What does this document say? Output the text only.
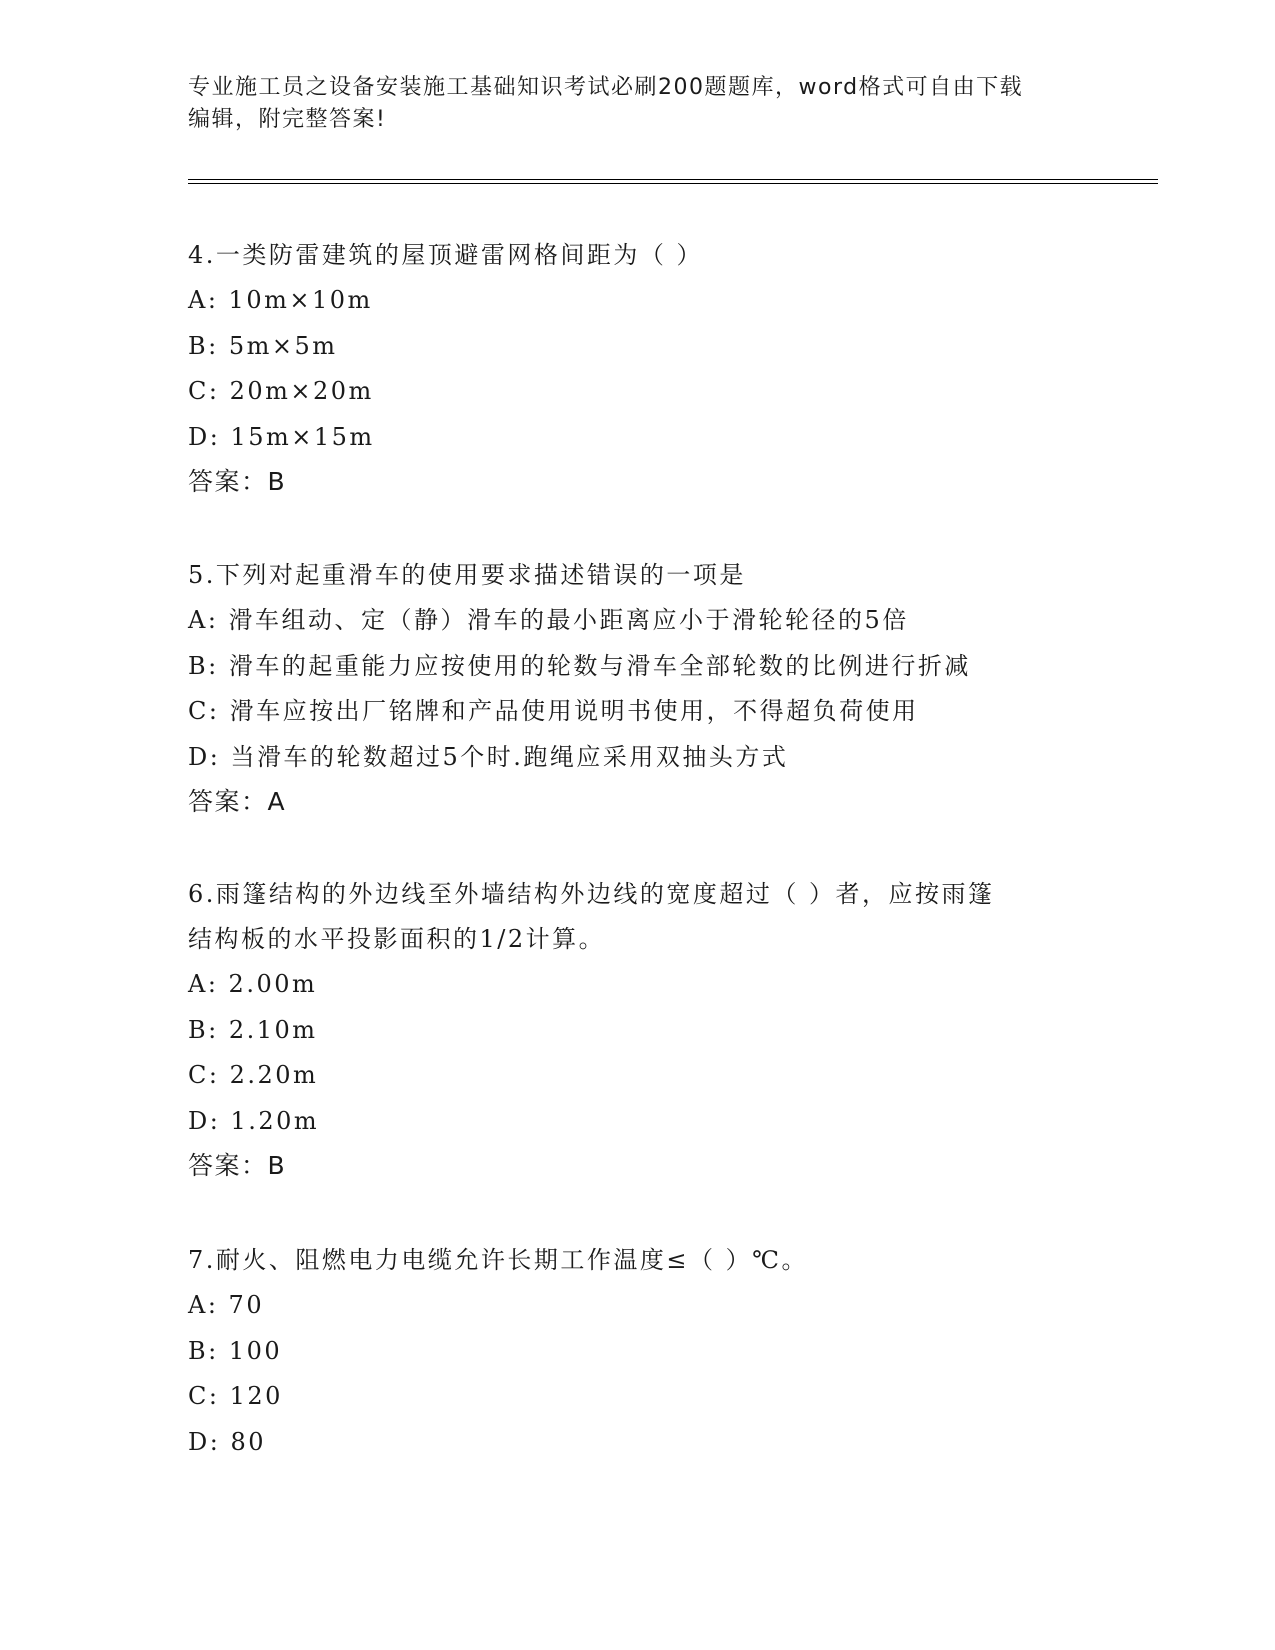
专业施工员之设备安装施工基础知识考试必刷200题题库，word格式可自由下载
编辑，附完整答案!
4.一类防雷建筑的屋顶避雷网格间距为（ ）
A: 10m×10m
B: 5m×5m
C: 20m×20m
D: 15m×15m
答案：B
5.下列对起重滑车的使用要求描述错误的一项是
A: 滑车组动、定（静）滑车的最小距离应小于滑轮轮径的5倍
B: 滑车的起重能力应按使用的轮数与滑车全部轮数的比例进行折减
C: 滑车应按出厂铭牌和产品使用说明书使用，不得超负荷使用
D: 当滑车的轮数超过5个时.跑绳应采用双抽头方式
答案：A
6.雨篷结构的外边线至外墙结构外边线的宽度超过（ ）者，应按雨篷
结构板的水平投影面积的1/2计算。
A: 2.00m
B: 2.10m
C: 2.20m
D: 1.20m
答案：B
7.耐火、阻燃电力电缆允许长期工作温度≤（ ）℃。
A: 70
B: 100
C: 120
D: 80
